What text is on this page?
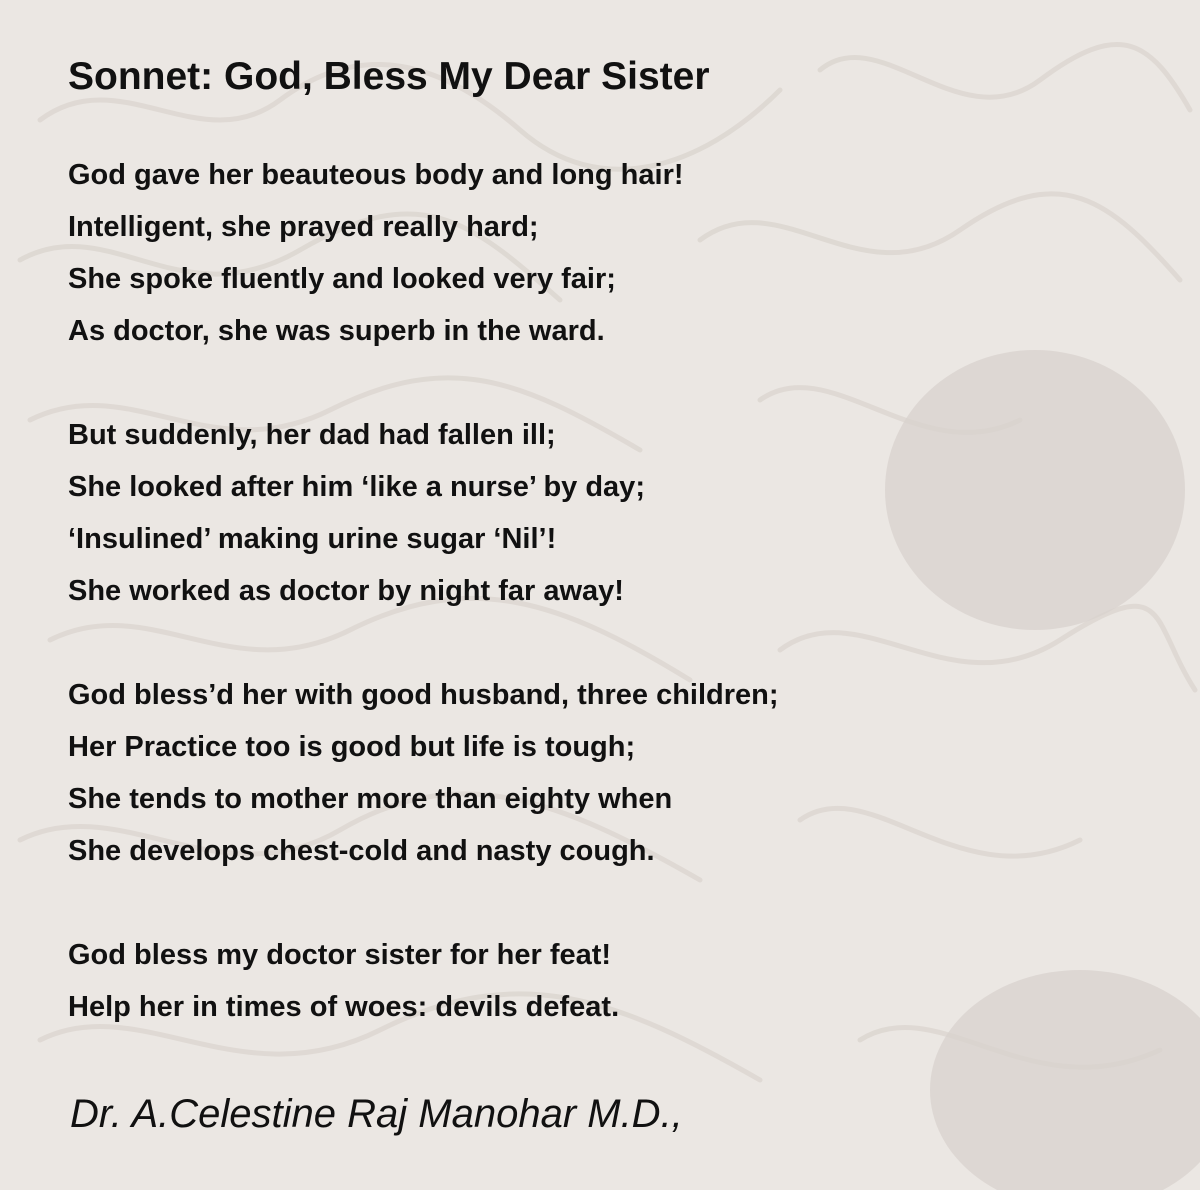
Sonnet: God, Bless My Dear Sister
God gave her beauteous body and long hair!
Intelligent, she prayed really hard;
She spoke fluently and looked very fair;
As doctor, she was superb in the ward.
But suddenly, her dad had fallen ill;
She looked after him ‘like a nurse’ by day;
‘Insulined’ making urine sugar ‘Nil’!
She worked as doctor by night far away!
God bless’d her with good husband, three children;
Her Practice too is good but life is tough;
She tends to mother more than eighty when
She develops chest-cold and nasty cough.
God bless my doctor sister for her feat!
Help her in times of woes: devils defeat.
Dr. A.Celestine Raj Manohar M.D.,
